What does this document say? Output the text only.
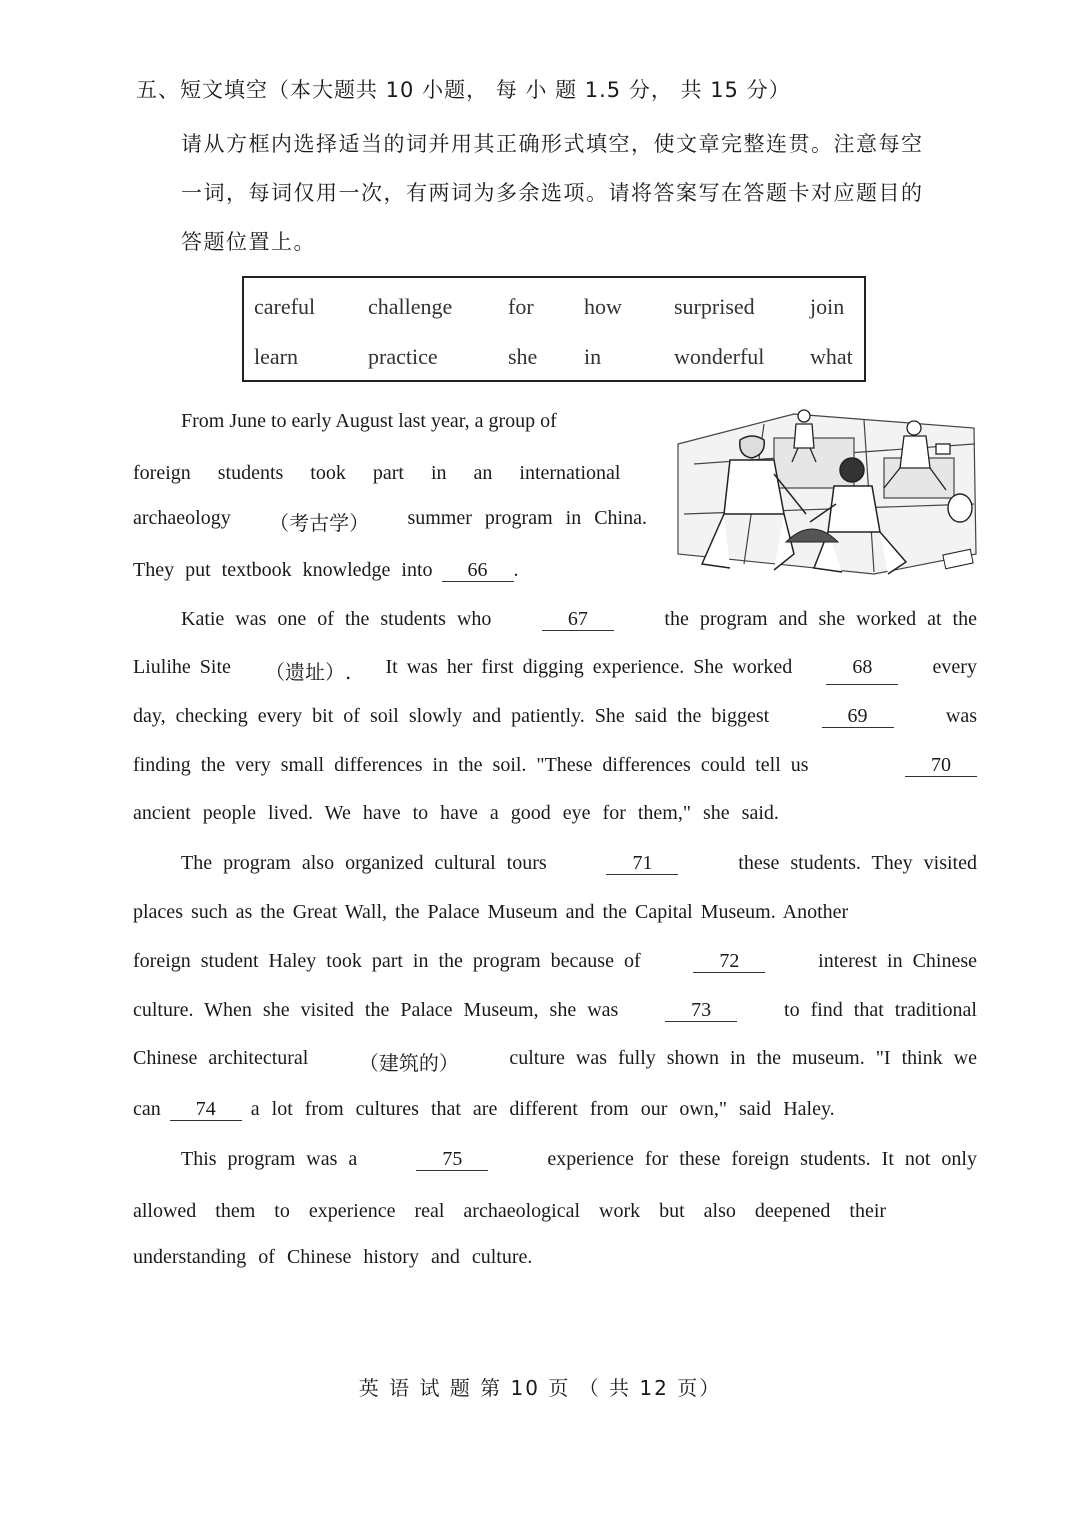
五、短文填空（本大题共 10 小题， 每 小 题 1.5 分， 共 15 分）
请从方框内选择适当的词并用其正确形式填空，使文章完整连贯。注意每空
一词，每词仅用一次，有两词为多余选项。请将答案写在答题卡对应题目的
答题位置上。
careful challenge	for how surprised	join
learn	practice	she in	wonderful what
From June to early August last year, a group of
foreign students took part in an international
archaeology （考古学） summer program in China.
They put textbook knowledge into	66	.
Katie was one of the students who	67	the program and she worked at the
Liulihe Site （遗址）. It was her first digging experience. She worked	68	every
day, checking every bit of soil slowly and patiently. She said the biggest	69	was
finding the very small differences in the soil. "These differences could tell us	70
ancient people lived. We have to have a good eye for them," she said.
The program also organized cultural tours	71	these students. They visited
places such as the Great Wall, the Palace Museum and the Capital Museum. Another
foreign student Haley took part in the program because of	72	interest in Chinese
culture. When she visited the Palace Museum, she was	73	to find that traditional
Chinese architectural	（建筑的）	culture was fully shown in the museum. "I think we
can	74	a lot from cultures that are different from our own," said Haley.
This program was a	75	experience for these foreign students. It not only
allowed them to experience real archaeological work but also deepened their
understanding of Chinese history and culture.
英 语 试 题 第 10 页 （ 共 12 页）
